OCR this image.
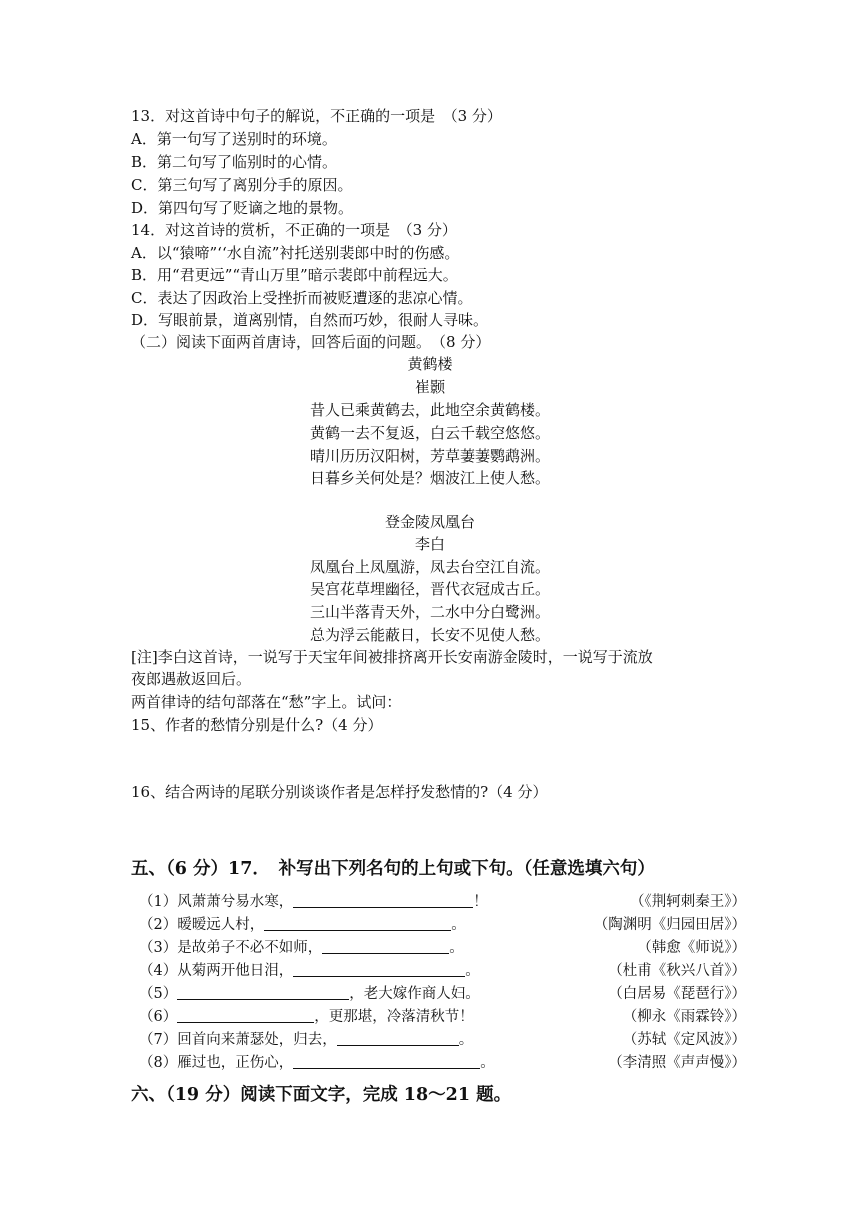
13．对这首诗中句子的解说，不正确的一项是　（3 分）
A．第一句写了送别时的环境。
B．第二句写了临别时的心情。
C．第三句写了离别分手的原因。
D．第四句写了贬谪之地的景物。
14．对这首诗的赏析，不正确的一项是　（3 分）
A．以“猿啼”‘‘水自流”衬托送别裴郎中时的伤感。
B．用“君更远”“青山万里”暗示裴郎中前程远大。
C．表达了因政治上受挫折而被贬遭逐的悲凉心情。
D．写眼前景，道离别情，自然而巧妙，很耐人寻味。
（二）阅读下面两首唐诗，回答后面的问题。　（8 分）
黄鹤楼
崔颢
昔人已乘黄鹤去，此地空余黄鹤楼。
黄鹤一去不复返，白云千载空悠悠。
晴川历历汉阳树，芳草萋萋鹦鹉洲。
日暮乡关何处是？烟波江上使人愁。
登金陵凤凰台
李白
凤凰台上凤凰游，凤去台空江自流。
吴宫花草埋幽径，晋代衣冠成古丘。
三山半落青天外，二水中分白鹭洲。
总为浮云能蔽日，长安不见使人愁。
[注]李白这首诗，一说写于天宝年间被排挤离开长安南游金陵时，一说写于流放
夜郎遇赦返回后。
两首律诗的结句部落在“愁”字上。试问：
15、作者的愁情分别是什么?（4 分）
16、结合两诗的尾联分别谈谈作者是怎样抒发愁情的?（4 分）
五、（6 分）17．　补写出下列名句的上句或下句。（任意选填六句）
（1）风萧萧兮易水寒，	！	（《荆轲刺秦王》）
（2）暧暧远人村，	。	（陶渊明《归园田居》）
（3）是故弟子不必不如师，	。	（韩愈《师说》）
（4）从菊两开他日泪，	。	（杜甫《秋兴八首》）
（5）	，老大嫁作商人妇。	（白居易《琵琶行》）
（6）	，更那堪，冷落清秋节！	（柳永《雨霖铃》）
（7）回首向来萧瑟处，归去，	。	（苏轼《定风波》）
（8）雁过也，正伤心，	。	（李清照《声声慢》）
六、（19 分）阅读下面文字，完成 18～21 题。
